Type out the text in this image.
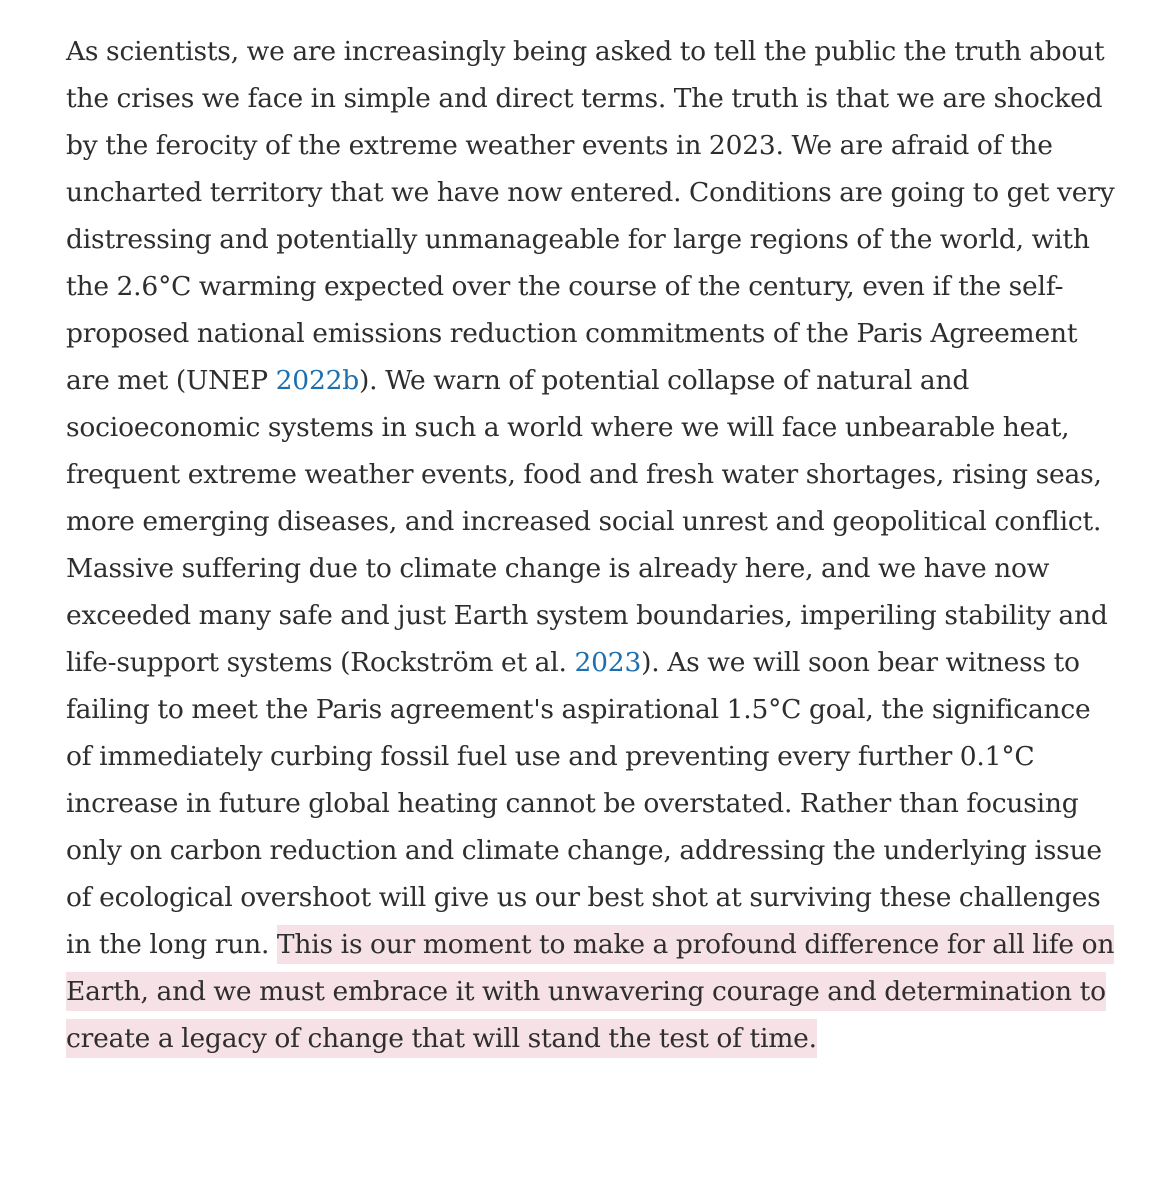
As scientists, we are increasingly being asked to tell the public the truth about the crises we face in simple and direct terms. The truth is that we are shocked by the ferocity of the extreme weather events in 2023. We are afraid of the uncharted territory that we have now entered. Conditions are going to get very distressing and potentially unmanageable for large regions of the world, with the 2.6°C warming expected over the course of the century, even if the self-proposed national emissions reduction commitments of the Paris Agreement are met (UNEP 2022b). We warn of potential collapse of natural and socioeconomic systems in such a world where we will face unbearable heat, frequent extreme weather events, food and fresh water shortages, rising seas, more emerging diseases, and increased social unrest and geopolitical conflict. Massive suffering due to climate change is already here, and we have now exceeded many safe and just Earth system boundaries, imperiling stability and life-support systems (Rockström et al. 2023). As we will soon bear witness to failing to meet the Paris agreement's aspirational 1.5°C goal, the significance of immediately curbing fossil fuel use and preventing every further 0.1°C increase in future global heating cannot be overstated. Rather than focusing only on carbon reduction and climate change, addressing the underlying issue of ecological overshoot will give us our best shot at surviving these challenges in the long run. This is our moment to make a profound difference for all life on Earth, and we must embrace it with unwavering courage and determination to create a legacy of change that will stand the test of time.
